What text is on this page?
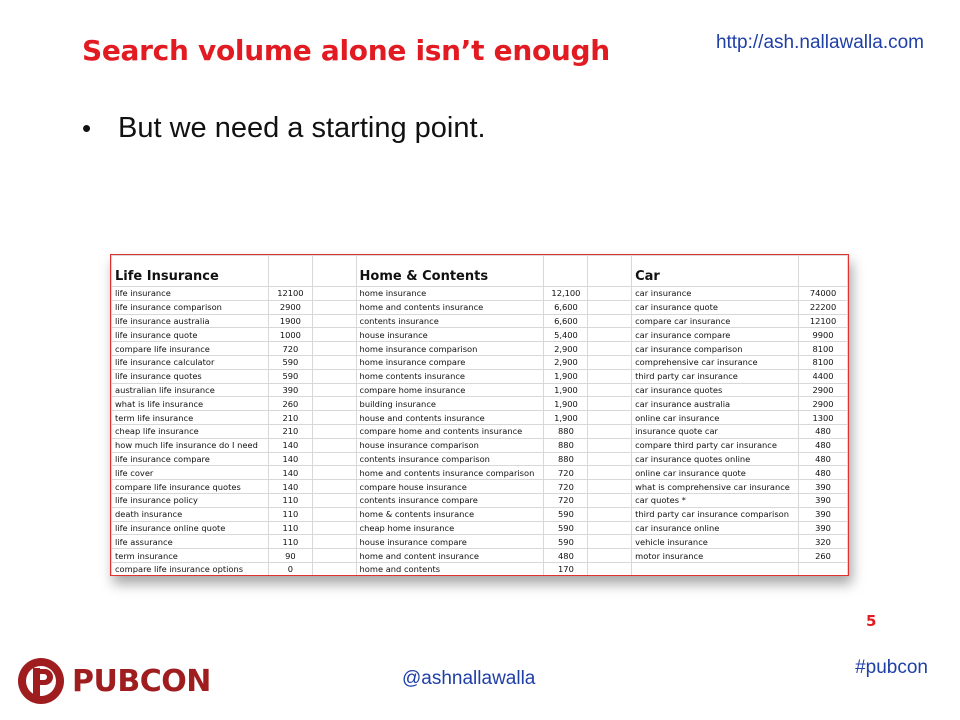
Search volume alone isn’t enough	http://ash.nallawalla.com
• But we need a starting point.
Life Insurance			Home & Contents			Car	
life insurance	12100		home insurance	12,100		car insurance	74000
life insurance comparison	2900		home and contents insurance	6,600		car insurance quote	22200
life insurance australia	1900		contents insurance	6,600		compare car insurance	12100
life insurance quote	1000		house insurance	5,400		car insurance compare	9900
compare life insurance	720		home insurance comparison	2,900		car insurance comparison	8100
life insurance calculator	590		home insurance compare	2,900		comprehensive car insurance	8100
life insurance quotes	590		home contents insurance	1,900		third party car insurance	4400
australian life insurance	390		compare home insurance	1,900		car insurance quotes	2900
what is life insurance	260		building insurance	1,900		car insurance australia	2900
term life insurance	210		house and contents insurance	1,900		online car insurance	1300
cheap life insurance	210		compare home and contents insurance	880		insurance quote car	480
how much life insurance do I need	140		house insurance comparison	880		compare third party car insurance	480
life insurance compare	140		contents insurance comparison	880		car insurance quotes online	480
life cover	140		home and contents insurance comparison	720		online car insurance quote	480
compare life insurance quotes	140		compare house insurance	720		what is comprehensive car insurance	390
life insurance policy	110		contents insurance compare	720		car quotes *	390
death insurance	110		home & contents insurance	590		third party car insurance comparison	390
life insurance online quote	110		cheap home insurance	590		car insurance online	390
life assurance	110		house insurance compare	590		vehicle insurance	320
term insurance	90		home and content insurance	480		motor insurance	260
compare life insurance options	0		home and contents	170			
5
#pubcon
@ashnallawalla
PUBCON
